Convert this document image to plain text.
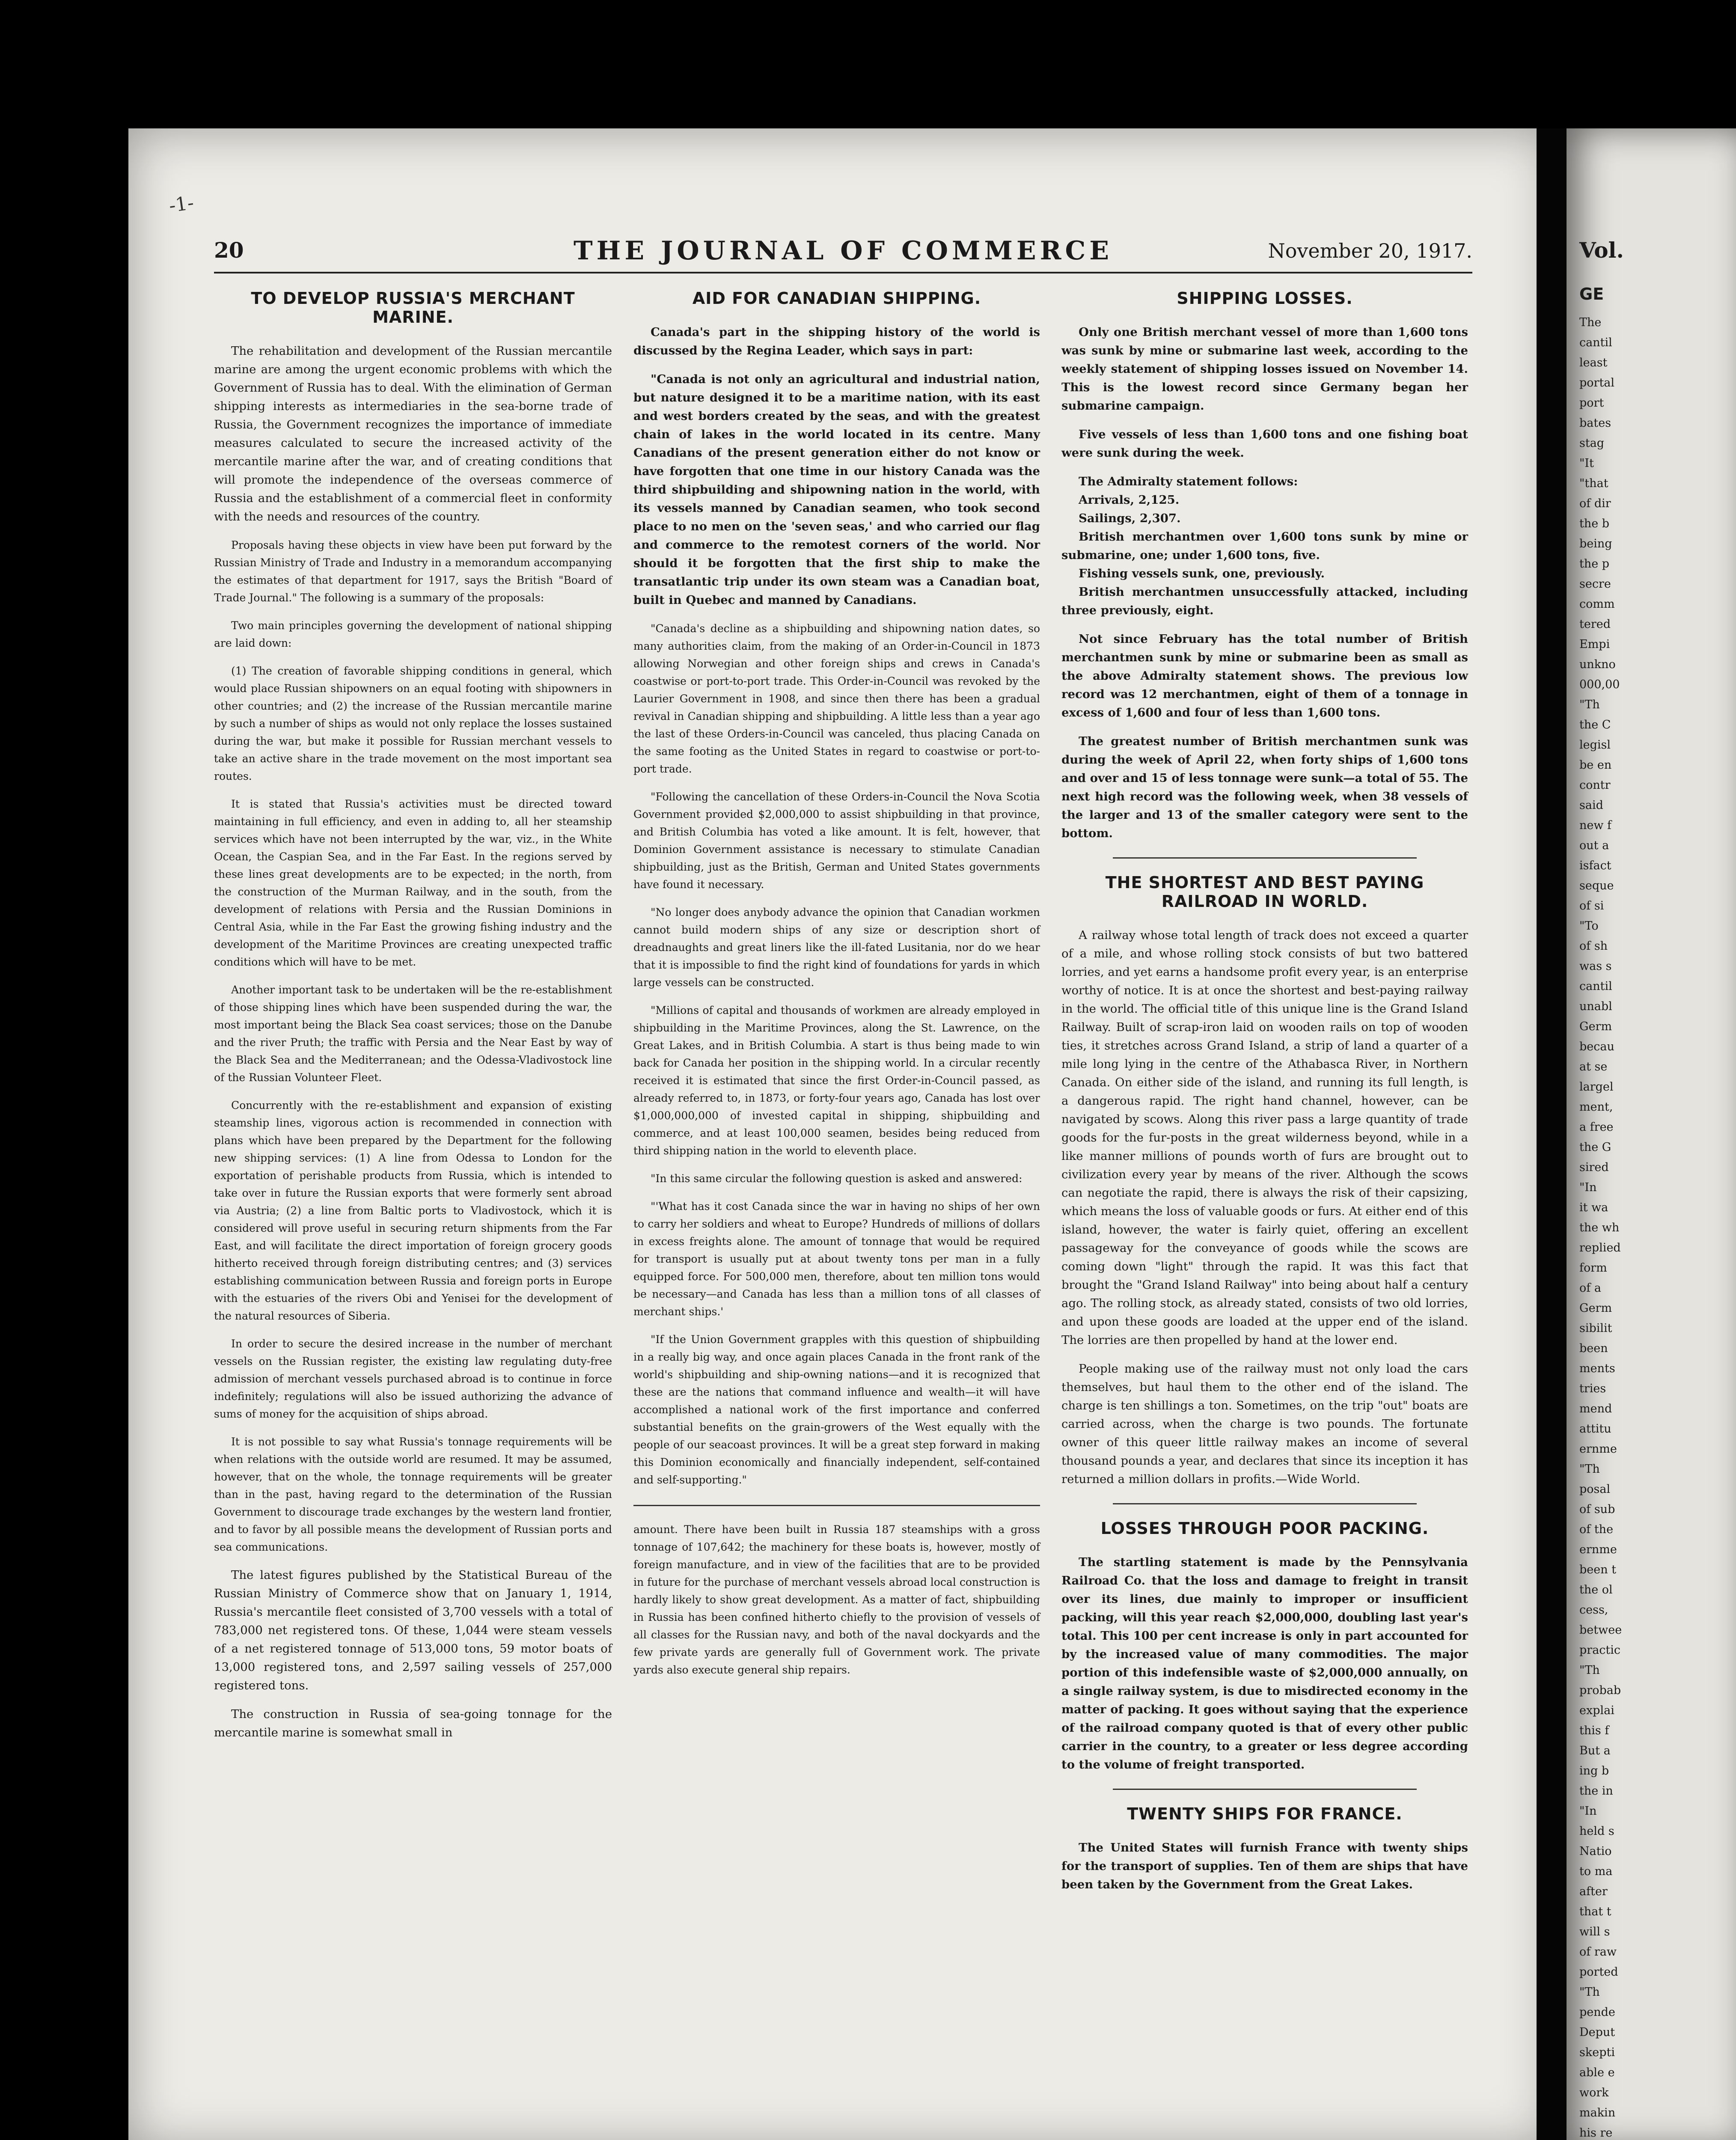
-1-
20	THE JOURNAL OF COMMERCE	November 20, 1917.
TO DEVELOP RUSSIA'S MERCHANT MARINE.

The rehabilitation and development of the Russian mercantile marine are among the urgent economic problems with which the Government of Russia has to deal. With the elimination of German shipping interests as intermediaries in the sea-borne trade of Russia, the Government recognizes the importance of immediate measures calculated to secure the increased activity of the mercantile marine after the war, and of creating conditions that will promote the independence of the overseas commerce of Russia and the establishment of a commercial fleet in conformity with the needs and resources of the country.

Proposals having these objects in view have been put forward by the Russian Ministry of Trade and Industry in a memorandum accompanying the estimates of that department for 1917, says the British "Board of Trade Journal." The following is a summary of the proposals:

Two main principles governing the development of national shipping are laid down:

(1) The creation of favorable shipping conditions in general, which would place Russian shipowners on an equal footing with shipowners in other countries; and (2) the increase of the Russian mercantile marine by such a number of ships as would not only replace the losses sustained during the war, but make it possible for Russian merchant vessels to take an active share in the trade movement on the most important sea routes.

It is stated that Russia's activities must be directed toward maintaining in full efficiency, and even in adding to, all her steamship services which have not been interrupted by the war, viz., in the White Ocean, the Caspian Sea, and in the Far East. In the regions served by these lines great developments are to be expected; in the north, from the construction of the Murman Railway, and in the south, from the development of relations with Persia and the Russian Dominions in Central Asia, while in the Far East the growing fishing industry and the development of the Maritime Provinces are creating unexpected traffic conditions which will have to be met.

Another important task to be undertaken will be the re-establishment of those shipping lines which have been suspended during the war, the most important being the Black Sea coast services; those on the Danube and the river Pruth; the traffic with Persia and the Near East by way of the Black Sea and the Mediterranean; and the Odessa-Vladivostock line of the Russian Volunteer Fleet.

Concurrently with the re-establishment and expansion of existing steamship lines, vigorous action is recommended in connection with plans which have been prepared by the Department for the following new shipping services: (1) A line from Odessa to London for the exportation of perishable products from Russia, which is intended to take over in future the Russian exports that were formerly sent abroad via Austria; (2) a line from Baltic ports to Vladivostock, which it is considered will prove useful in securing return shipments from the Far East, and will facilitate the direct importation of foreign grocery goods hitherto received through foreign distributing centres; and (3) services establishing communication between Russia and foreign ports in Europe with the estuaries of the rivers Obi and Yenisei for the development of the natural resources of Siberia.

In order to secure the desired increase in the number of merchant vessels on the Russian register, the existing law regulating duty-free admission of merchant vessels purchased abroad is to continue in force indefinitely; regulations will also be issued authorizing the advance of sums of money for the acquisition of ships abroad.

It is not possible to say what Russia's tonnage requirements will be when relations with the outside world are resumed. It may be assumed, however, that on the whole, the tonnage requirements will be greater than in the past, having regard to the determination of the Russian Government to discourage trade exchanges by the western land frontier, and to favor by all possible means the development of Russian ports and sea communications.

The latest figures published by the Statistical Bureau of the Russian Ministry of Commerce show that on January 1, 1914, Russia's mercantile fleet consisted of 3,700 vessels with a total of 783,000 net registered tons. Of these, 1,044 were steam vessels of a net registered tonnage of 513,000 tons, 59 motor boats of 13,000 registered tons, and 2,597 sailing vessels of 257,000 registered tons.

The construction in Russia of sea-going tonnage for the mercantile marine is somewhat small in

AID FOR CANADIAN SHIPPING.

Canada's part in the shipping history of the world is discussed by the Regina Leader, which says in part:

"Canada is not only an agricultural and industrial nation, but nature designed it to be a maritime nation, with its east and west borders created by the seas, and with the greatest chain of lakes in the world located in its centre. Many Canadians of the present generation either do not know or have forgotten that one time in our history Canada was the third shipbuilding and shipowning nation in the world, with its vessels manned by Canadian seamen, who took second place to no men on the 'seven seas,' and who carried our flag and commerce to the remotest corners of the world. Nor should it be forgotten that the first ship to make the transatlantic trip under its own steam was a Canadian boat, built in Quebec and manned by Canadians.

"Canada's decline as a shipbuilding and shipowning nation dates, so many authorities claim, from the making of an Order-in-Council in 1873 allowing Norwegian and other foreign ships and crews in Canada's coastwise or port-to-port trade. This Order-in-Council was revoked by the Laurier Government in 1908, and since then there has been a gradual revival in Canadian shipping and shipbuilding. A little less than a year ago the last of these Orders-in-Council was canceled, thus placing Canada on the same footing as the United States in regard to coastwise or port-to-port trade.

"Following the cancellation of these Orders-in-Council the Nova Scotia Government provided $2,000,000 to assist shipbuilding in that province, and British Columbia has voted a like amount. It is felt, however, that Dominion Government assistance is necessary to stimulate Canadian shipbuilding, just as the British, German and United States governments have found it necessary.

"No longer does anybody advance the opinion that Canadian workmen cannot build modern ships of any size or description short of dreadnaughts and great liners like the ill-fated Lusitania, nor do we hear that it is impossible to find the right kind of foundations for yards in which large vessels can be constructed.

"Millions of capital and thousands of workmen are already employed in shipbuilding in the Maritime Provinces, along the St. Lawrence, on the Great Lakes, and in British Columbia. A start is thus being made to win back for Canada her position in the shipping world. In a circular recently received it is estimated that since the first Order-in-Council passed, as already referred to, in 1873, or forty-four years ago, Canada has lost over $1,000,000,000 of invested capital in shipping, shipbuilding and commerce, and at least 100,000 seamen, besides being reduced from third shipping nation in the world to eleventh place.

"In this same circular the following question is asked and answered:

"'What has it cost Canada since the war in having no ships of her own to carry her soldiers and wheat to Europe? Hundreds of millions of dollars in excess freights alone. The amount of tonnage that would be required for transport is usually put at about twenty tons per man in a fully equipped force. For 500,000 men, therefore, about ten million tons would be necessary—and Canada has less than a million tons of all classes of merchant ships.'

"If the Union Government grapples with this question of shipbuilding in a really big way, and once again places Canada in the front rank of the world's shipbuilding and ship-owning nations—and it is recognized that these are the nations that command influence and wealth—it will have accomplished a national work of the first importance and conferred substantial benefits on the grain-growers of the West equally with the people of our seacoast provinces. It will be a great step forward in making this Dominion economically and financially independent, self-contained and self-supporting."

amount. There have been built in Russia 187 steamships with a gross tonnage of 107,642; the machinery for these boats is, however, mostly of foreign manufacture, and in view of the facilities that are to be provided in future for the purchase of merchant vessels abroad local construction is hardly likely to show great development. As a matter of fact, shipbuilding in Russia has been confined hitherto chiefly to the provision of vessels of all classes for the Russian navy, and both of the naval dockyards and the few private yards are generally full of Government work. The private yards also execute general ship repairs.

SHIPPING LOSSES.

Only one British merchant vessel of more than 1,600 tons was sunk by mine or submarine last week, according to the weekly statement of shipping losses issued on November 14. This is the lowest record since Germany began her submarine campaign.

Five vessels of less than 1,600 tons and one fishing boat were sunk during the week.

The Admiralty statement follows:

Arrivals, 2,125.

Sailings, 2,307.

British merchantmen over 1,600 tons sunk by mine or submarine, one; under 1,600 tons, five.

Fishing vessels sunk, one, previously.

British merchantmen unsuccessfully attacked, including three previously, eight.

Not since February has the total number of British merchantmen sunk by mine or submarine been as small as the above Admiralty statement shows. The previous low record was 12 merchantmen, eight of them of a tonnage in excess of 1,600 and four of less than 1,600 tons.

The greatest number of British merchantmen sunk was during the week of April 22, when forty ships of 1,600 tons and over and 15 of less tonnage were sunk—a total of 55. The next high record was the following week, when 38 vessels of the larger and 13 of the smaller category were sent to the bottom.

THE SHORTEST AND BEST PAYING RAILROAD IN WORLD.

A railway whose total length of track does not exceed a quarter of a mile, and whose rolling stock consists of but two battered lorries, and yet earns a handsome profit every year, is an enterprise worthy of notice. It is at once the shortest and best-paying railway in the world. The official title of this unique line is the Grand Island Railway. Built of scrap-iron laid on wooden rails on top of wooden ties, it stretches across Grand Island, a strip of land a quarter of a mile long lying in the centre of the Athabasca River, in Northern Canada. On either side of the island, and running its full length, is a dangerous rapid. The right hand channel, however, can be navigated by scows. Along this river pass a large quantity of trade goods for the fur-posts in the great wilderness beyond, while in a like manner millions of pounds worth of furs are brought out to civilization every year by means of the river. Although the scows can negotiate the rapid, there is always the risk of their capsizing, which means the loss of valuable goods or furs. At either end of this island, however, the water is fairly quiet, offering an excellent passageway for the conveyance of goods while the scows are coming down "light" through the rapid. It was this fact that brought the "Grand Island Railway" into being about half a century ago. The rolling stock, as already stated, consists of two old lorries, and upon these goods are loaded at the upper end of the island. The lorries are then propelled by hand at the lower end.

People making use of the railway must not only load the cars themselves, but haul them to the other end of the island. The charge is ten shillings a ton. Sometimes, on the trip "out" boats are carried across, when the charge is two pounds. The fortunate owner of this queer little railway makes an income of several thousand pounds a year, and declares that since its inception it has returned a million dollars in profits.—Wide World.

LOSSES THROUGH POOR PACKING.

The startling statement is made by the Pennsylvania Railroad Co. that the loss and damage to freight in transit over its lines, due mainly to improper or insufficient packing, will this year reach $2,000,000, doubling last year's total. This 100 per cent increase is only in part accounted for by the increased value of many commodities. The major portion of this indefensible waste of $2,000,000 annually, on a single railway system, is due to misdirected economy in the matter of packing. It goes without saying that the experience of the railroad company quoted is that of every other public carrier in the country, to a greater or less degree according to the volume of freight transported.

TWENTY SHIPS FOR FRANCE.

The United States will furnish France with twenty ships for the transport of supplies. Ten of them are ships that have been taken by the Government from the Great Lakes.

Vol.
GE
The
cantil
least
portal
port
bates
stag
"It
"that
of dir
the b
being
the p
secre
comm
tered
Empi
unkno
000,00
"Th
the C
legisl
be en
contr
said
new f
out a
isfact
seque
of si
"To
of sh
was s
cantil
unabl
Germ
becau
at se
largel
ment,
a free
the G
sired
"In
it wa
the wh
replied
form
of a
Germ
sibilit
been
ments
tries
mend
attitu
ernme
"Th
posal
of sub
of the
ernme
been t
the ol
cess,
betwee
practic
"Th
probab
explai
this f
But a
ing b
the in
"In
held s
Natio
to ma
after
that t
will s
of raw
ported
"Th
pende
Deput
skepti
able e
work
makin
his re
